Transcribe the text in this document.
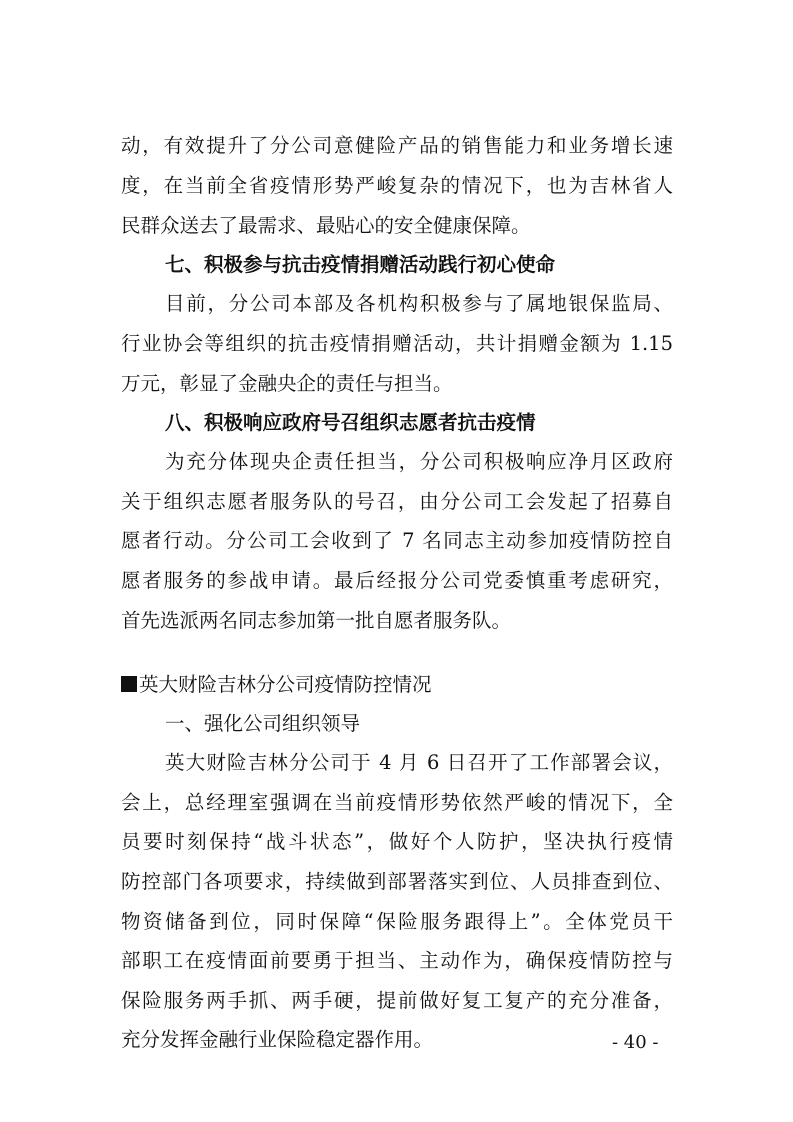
动，有效提升了分公司意健险产品的销售能力和业务增长速
度，在当前全省疫情形势严峻复杂的情况下，也为吉林省人
民群众送去了最需求、最贴心的安全健康保障。
七、积极参与抗击疫情捐赠活动践行初心使命
目前，分公司本部及各机构积极参与了属地银保监局、
行业协会等组织的抗击疫情捐赠活动，共计捐赠金额为 1.15
万元，彰显了金融央企的责任与担当。
八、积极响应政府号召组织志愿者抗击疫情
为充分体现央企责任担当，分公司积极响应净月区政府
关于组织志愿者服务队的号召，由分公司工会发起了招募自
愿者行动。分公司工会收到了 7 名同志主动参加疫情防控自
愿者服务的参战申请。最后经报分公司党委慎重考虑研究，
首先选派两名同志参加第一批自愿者服务队。
英大财险吉林分公司疫情防控情况
一、强化公司组织领导
英大财险吉林分公司于 4 月 6 日召开了工作部署会议，
会上，总经理室强调在当前疫情形势依然严峻的情况下，全
员要时刻保持“战斗状态”，做好个人防护，坚决执行疫情
防控部门各项要求，持续做到部署落实到位、人员排查到位、
物资储备到位，同时保障“保险服务跟得上”。全体党员干
部职工在疫情面前要勇于担当、主动作为，确保疫情防控与
保险服务两手抓、两手硬，提前做好复工复产的充分准备，
充分发挥金融行业保险稳定器作用。	- 40 -
